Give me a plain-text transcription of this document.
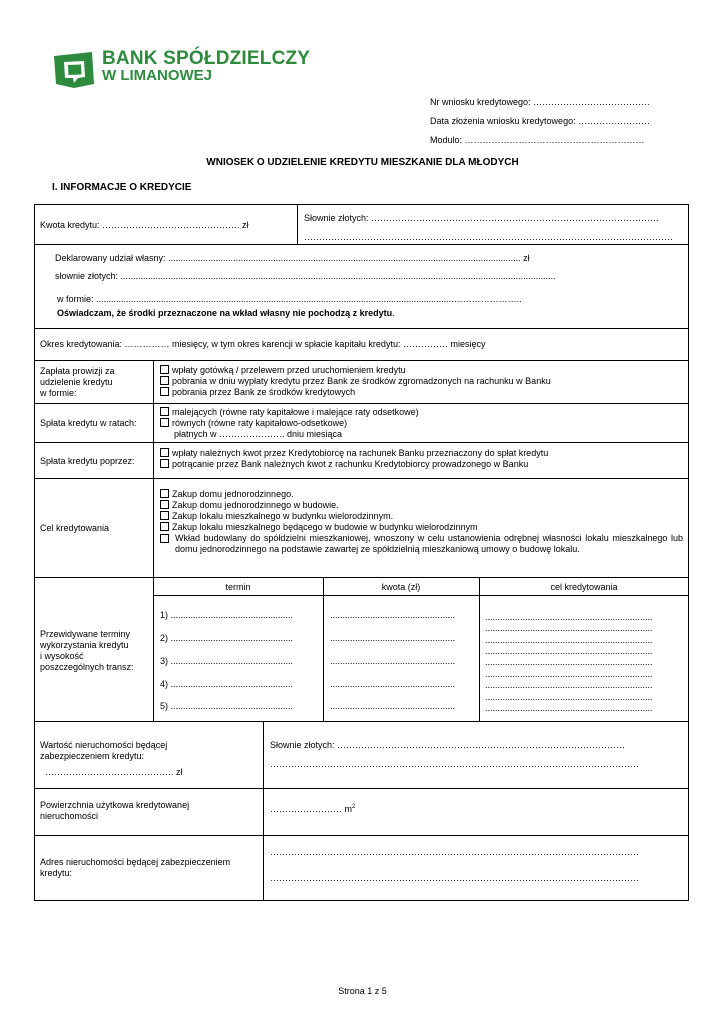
BANK SPÓŁDZIELCZY
W LIMANOWEJ
Nr wniosku kredytowego: …………………………………
Data złożenia wniosku kredytowego: ……………………
Modulo: ……………………………………………………
WNIOSEK O UDZIELENIE KREDYTU MIESZKANIE DLA MŁODYCH
I. INFORMACJE O KREDYCIE
Kwota kredytu: ………………………………………. zł
Słownie złotych: ……………………………………………………………………………………
……………………………………………………………………………………………………………
Deklarowany udział własny: ............................................................................................................................................. zł
słownie złotych: ..............................................................................................................................................................................
w formie: ...............................................................................................................................................…………………..
Oświadczam, że środki przeznaczone na wkład własny nie pochodzą z kredytu.
Okres kredytowania: …………… miesięcy, w tym okres karencji w spłacie kapitału kredytu: …………… miesięcy
Zapłata prowizji za
udzielenie kredytu
w formie:
wpłaty gotówką / przelewem przed uruchomieniem kredytu
pobrania w dniu wypłaty kredytu przez Bank ze środków zgromadzonych na rachunku w Banku
pobrania przez Bank ze środków kredytowych
Spłata kredytu w ratach:
malejących (równe raty kapitałowe i malejące raty odsetkowe)
równych (równe raty kapitałowo-odsetkowe)
płatnych w …………………. dniu miesiąca
Spłata kredytu poprzez:
wpłaty należnych kwot przez Kredytobiorcę na rachunek Banku przeznaczony do spłat kredytu
potrącanie przez Bank należnych kwot z rachunku Kredytobiorcy prowadzonego w Banku
Cel kredytowania
Zakup domu jednorodzinnego.
Zakup domu jednorodzinnego w budowie.
Zakup lokalu mieszkalnego w budynku wielorodzinnym.
Zakup lokalu mieszkalnego będącego w budowie w budynku wielorodzinnym
Wkład budowlany do spółdzielni mieszkaniowej, wnoszony w celu ustanowienia odrębnej własności lokalu mieszkalnego lub domu jednorodzinnego na podstawie zawartej ze spółdzielnią mieszkaniową umowy o budowę lokalu.
Przewidywane terminy
wykorzystania kredytu
i wysokość
poszczególnych transz:
termin	kwota (zł)	cel kredytowania
1) .................................................
2) .................................................
3) .................................................
4) .................................................
5) .................................................
..................................................
..................................................
..................................................
..................................................
..................................................
...................................................................
...................................................................
...................................................................
...................................................................
...................................................................
...................................................................
...................................................................
...................................................................
...................................................................
Wartość nieruchomości będącej
zabezpieczeniem kredytu:
……………………………………. zł
Słownie złotych: ……………………………………………………………………………………
……………………………………………………………………………………………………………
Powierzchnia użytkowa kredytowanej
nieruchomości
…………………… $m^2$
Adres nieruchomości będącej zabezpieczeniem
kredytu:
……………………………………………………………………………………………………………
……………………………………………………………………………………………………………
Strona 1 z 5
